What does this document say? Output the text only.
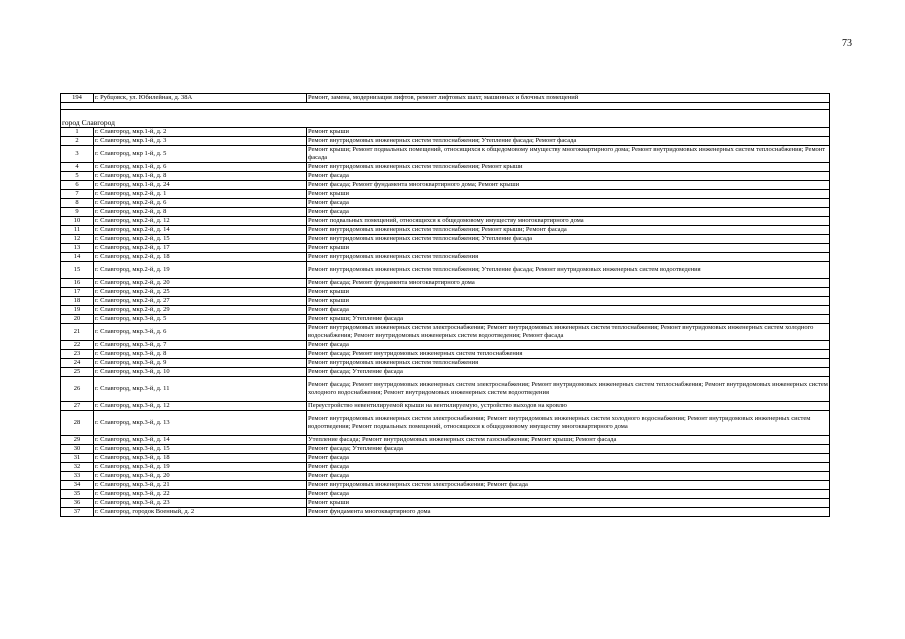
73
194	г. Рубцовск, ул. Юбилейная, д. 38А	Ремонт, замена, модернизация лифтов, ремонт лифтовых шахт, машинных и блочных помещений

город Славгород		
1	г. Славгород, мкр.1-й, д. 2	Ремонт крыши
2	г. Славгород, мкр.1-й, д. 3	Ремонт внутридомовых инженерных систем теплоснабжения; Утепление фасада; Ремонт фасада
3	г. Славгород, мкр 1-й, д. 5	Ремонт крыши; Ремонт подвальных помещений, относящихся к общедомовому имуществу многоквартирного дома; Ремонт внутридомовых инженерных систем теплоснабжения; Ремонт фасада
4	г. Славгород, мкр.1-й, д. 6	Ремонт внутридомовых инженерных систем теплоснабжения; Ремонт крыши
5	г. Славгород, мкр.1-й, д. 8	Ремонт фасада
6	г. Славгород, мкр.1-й, д. 24	Ремонт фасада; Ремонт фундамента многоквартирного дома; Ремонт крыши
7	г. Славгород, мкр.2-й, д. 1	Ремонт крыши
8	г. Славгород, мкр.2-й, д. 6	Ремонт фасада
9	г. Славгород, мкр.2-й, д. 8	Ремонт фасада
10	г. Славгород, мкр.2-й, д. 12	Ремонт подвальных помещений, относящихся к общедомовому имуществу многоквартирного дома
11	г. Славгород, мкр.2-й, д. 14	Ремонт внутридомовых инженерных систем теплоснабжения; Ремонт крыши; Ремонт фасада
12	г. Славгород, мкр.2-й, д. 15	Ремонт внутридомовых инженерных систем теплоснабжения; Утепление фасада
13	г. Славгород, мкр.2-й, д. 17	Ремонт крыши
14	г. Славгород, мкр.2-й, д. 18	Ремонт внутридомовых инженерных систем теплоснабжения
15	г. Славгород, мкр.2-й, д. 19	Ремонт внутридомовых инженерных систем теплоснабжения; Утепление фасада; Ремонт внутридомовых инженерных систем водоотведения
16	г. Славгород, мкр.2-й, д. 20	Ремонт фасада; Ремонт фундамента многоквартирного дома
17	г. Славгород, мкр.2-й, д. 25	Ремонт крыши
18	г. Славгород, мкр.2-й, д. 27	Ремонт крыши
19	г. Славгород, мкр.2-й, д. 29	Ремонт фасада
20	г. Славгород, мкр.3-й, д. 5	Ремонт крыши; Утепление фасада
21	г. Славгород, мкр.3-й, д. 6	Ремонт внутридомовых инженерных систем электроснабжения; Ремонт внутридомовых инженерных систем теплоснабжения; Ремонт внутридомовых инженерных систем холодного водоснабжения; Ремонт внутридомовых инженерных систем водоотведения; Ремонт фасада
22	г. Славгород, мкр.3-й, д. 7	Ремонт фасада
23	г. Славгород, мкр.3-й, д. 8	Ремонт фасада; Ремонт внутридомовых инженерных систем теплоснабжения
24	г. Славгород, мкр.3-й, д. 9	Ремонт внутридомовых инженерных систем теплоснабжения
25	г. Славгород, мкр.3-й, д. 10	Ремонт фасада; Утепление фасада
26	г. Славгород, мкр.3-й, д. 11	Ремонт фасада; Ремонт внутридомовых инженерных систем электроснабжения; Ремонт внутридомовых инженерных систем теплоснабжения; Ремонт внутридомовых инженерных систем холодного водоснабжения; Ремонт внутридомовых инженерных систем водоотведения
27	г. Славгород, мкр.3-й, д. 12	Переустройство невентилируемой крыши на вентилируемую, устройство выходов на кровлю
28	г. Славгород, мкр.3-й, д. 13	Ремонт внутридомовых инженерных систем электроснабжения; Ремонт внутридомовых инженерных систем холодного водоснабжения; Ремонт внутридомовых инженерных систем водоотведения; Ремонт подвальных помещений, относящихся к общедомовому имуществу многоквартирного дома
29	г. Славгород, мкр.3-й, д. 14	Утепление фасада; Ремонт внутридомовых инженерных систем газоснабжения; Ремонт крыши; Ремонт фасада
30	г. Славгород, мкр.3-й, д. 15	Ремонт фасада; Утепление фасада
31	г. Славгород, мкр.3-й, д. 18	Ремонт фасада
32	г. Славгород, мкр.3-й, д. 19	Ремонт фасада
33	г. Славгород, мкр.3-й, д. 20	Ремонт фасада
34	г. Славгород, мкр.3-й, д. 21	Ремонт внутридомовых инженерных систем электроснабжения; Ремонт фасада
35	г. Славгород, мкр.3-й, д. 22	Ремонт фасада
36	г. Славгород, мкр.3-й, д. 23	Ремонт крыши
37	г. Славгород, городок Военный, д. 2	Ремонт фундамента многоквартирного дома
